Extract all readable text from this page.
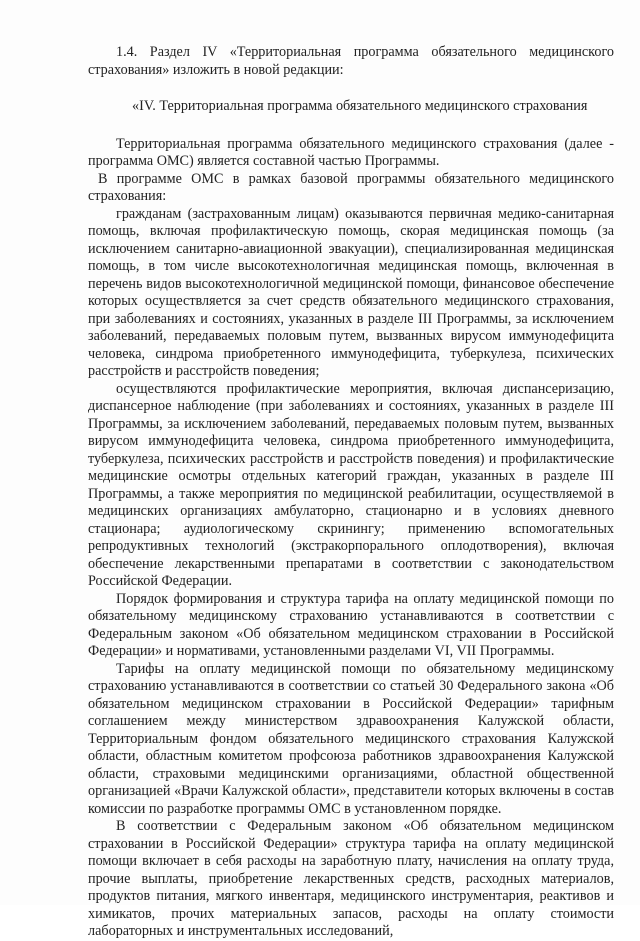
1.4. Раздел IV «Территориальная программа обязательного медицинского страхования» изложить в новой редакции:

«IV. Территориальная программа обязательного медицинского страхования

Территориальная программа обязательного медицинского страхования (далее - программа ОМС) является составной частью Программы.

В программе ОМС в рамках базовой программы обязательного медицинского страхования:

гражданам (застрахованным лицам) оказываются первичная медико-санитарная помощь, включая профилактическую помощь, скорая медицинская помощь (за исключением санитарно-авиационной эвакуации), специализированная медицинская помощь, в том числе высокотехнологичная медицинская помощь, включенная в перечень видов высокотехнологичной медицинской помощи, финансовое обеспечение которых осуществляется за счет средств обязательного медицинского страхования, при заболеваниях и состояниях, указанных в разделе III Программы, за исключением заболеваний, передаваемых половым путем, вызванных вирусом иммунодефицита человека, синдрома приобретенного иммунодефицита, туберкулеза, психических расстройств и расстройств поведения;

осуществляются профилактические мероприятия, включая диспансеризацию, диспансерное наблюдение (при заболеваниях и состояниях, указанных в разделе III Программы, за исключением заболеваний, передаваемых половым путем, вызванных вирусом иммунодефицита человека, синдрома приобретенного иммунодефицита, туберкулеза, психических расстройств и расстройств поведения) и профилактические медицинские осмотры отдельных категорий граждан, указанных в разделе III Программы, а также мероприятия по медицинской реабилитации, осуществляемой в медицинских организациях амбулаторно, стационарно и в условиях дневного стационара; аудиологическому скринингу; применению вспомогательных репродуктивных технологий (экстракорпорального оплодотворения), включая обеспечение лекарственными препаратами в соответствии с законодательством Российской Федерации.

Порядок формирования и структура тарифа на оплату медицинской помощи по обязательному медицинскому страхованию устанавливаются в соответствии с Федеральным законом «Об обязательном медицинском страховании в Российской Федерации» и нормативами, установленными разделами VI, VII Программы.

Тарифы на оплату медицинской помощи по обязательному медицинскому страхованию устанавливаются в соответствии со статьей 30 Федерального закона «Об обязательном медицинском страховании в Российской Федерации» тарифным соглашением между министерством здравоохранения Калужской области, Территориальным фондом обязательного медицинского страхования Калужской области, областным комитетом профсоюза работников здравоохранения Калужской области, страховыми медицинскими организациями, областной общественной организацией «Врачи Калужской области», представители которых включены в состав комиссии по разработке программы ОМС в установленном порядке.

В соответствии с Федеральным законом «Об обязательном медицинском страховании в Российской Федерации» структура тарифа на оплату медицинской помощи включает в себя расходы на заработную плату, начисления на оплату труда, прочие выплаты, приобретение лекарственных средств, расходных материалов, продуктов питания, мягкого инвентаря, медицинского инструментария, реактивов и химикатов, прочих материальных запасов, расходы на оплату стоимости лабораторных и инструментальных исследований,
